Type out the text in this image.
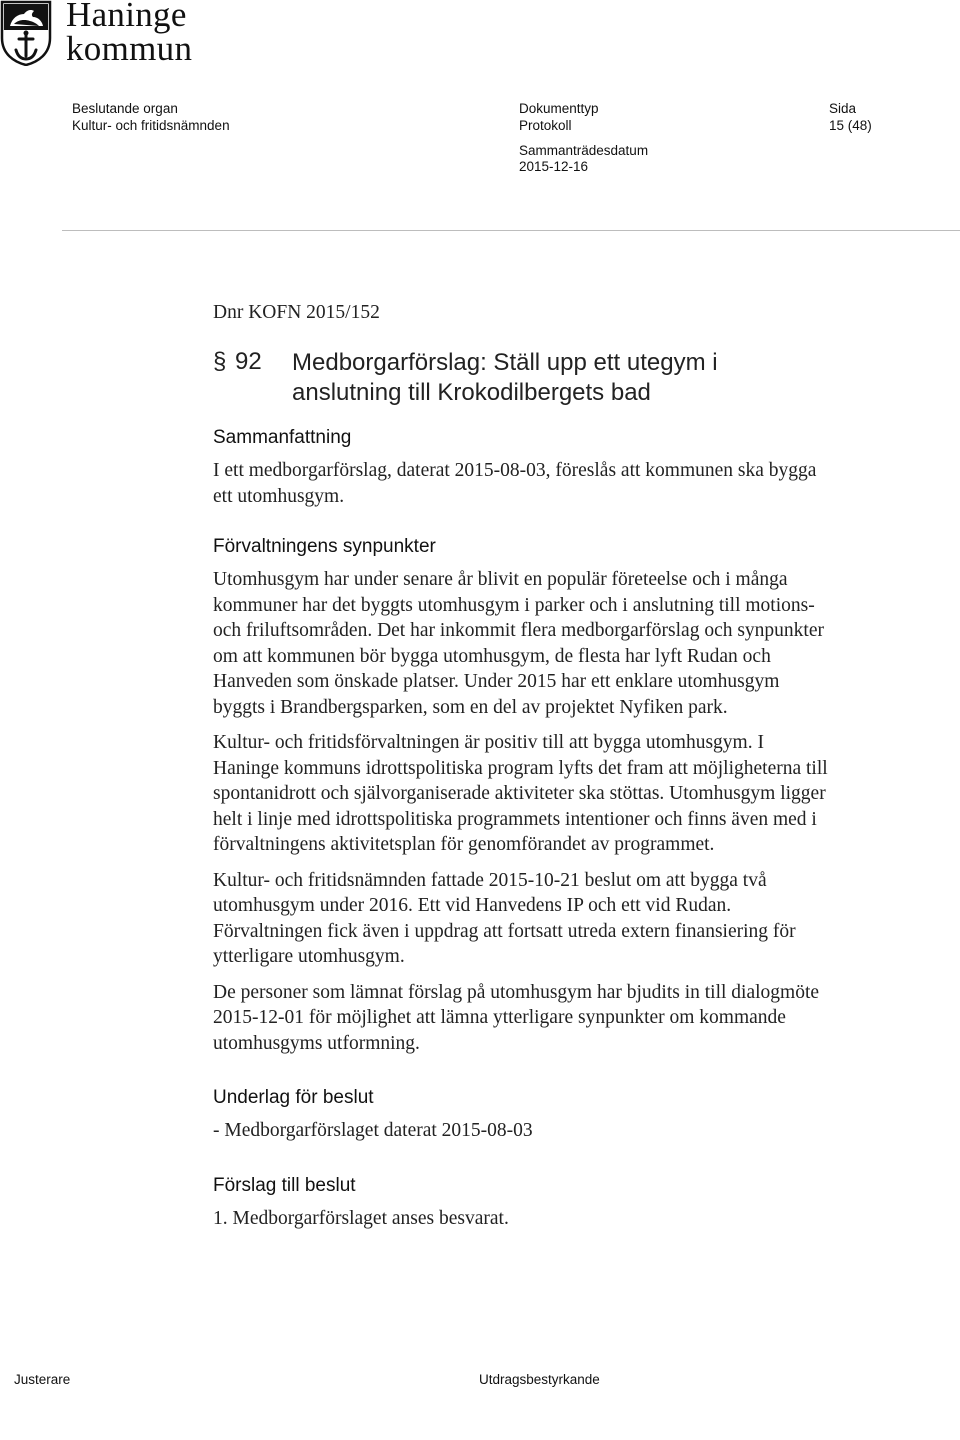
Haninge
kommun
Beslutande organ
Kultur- och fritidsnämnden
Dokumenttyp
Protokoll
Sammanträdesdatum
2015-12-16
Sida
15 (48)
Dnr KOFN 2015/152
§ 92 Medborgarförslag: Ställ upp ett utegym i
anslutning till Krokodilbergets bad
Sammanfattning

I ett medborgarförslag, daterat 2015-08-03, föreslås att kommunen ska bygga ett utomhusgym.

Förvaltningens synpunkter

Utomhusgym har under senare år blivit en populär företeelse och i många kommuner har det byggts utomhusgym i parker och i anslutning till motions- och friluftsområden. Det har inkommit flera medborgarförslag och synpunkter om att kommunen bör bygga utomhusgym, de flesta har lyft Rudan och Hanveden som önskade platser. Under 2015 har ett enklare utomhusgym byggts i Brandbergsparken, som en del av projektet Nyfiken park.

Kultur- och fritidsförvaltningen är positiv till att bygga utomhusgym. I Haninge kommuns idrottspolitiska program lyfts det fram att möjligheterna till spontanidrott och självorganiserade aktiviteter ska stöttas. Utomhusgym ligger helt i linje med idrottspolitiska programmets intentioner och finns även med i förvaltningens aktivitetsplan för genomförandet av programmet.

Kultur- och fritidsnämnden fattade 2015-10-21 beslut om att bygga två utomhusgym under 2016. Ett vid Hanvedens IP och ett vid Rudan. Förvaltningen fick även i uppdrag att fortsatt utreda extern finansiering för ytterligare utomhusgym.

De personer som lämnat förslag på utomhusgym har bjudits in till dialogmöte 2015-12-01 för möjlighet att lämna ytterligare synpunkter om kommande utomhusgyms utformning.

Underlag för beslut

- Medborgarförslaget daterat 2015-08-03

Förslag till beslut

1. Medborgarförslaget anses besvarat.

Justerare	Utdragsbestyrkande
